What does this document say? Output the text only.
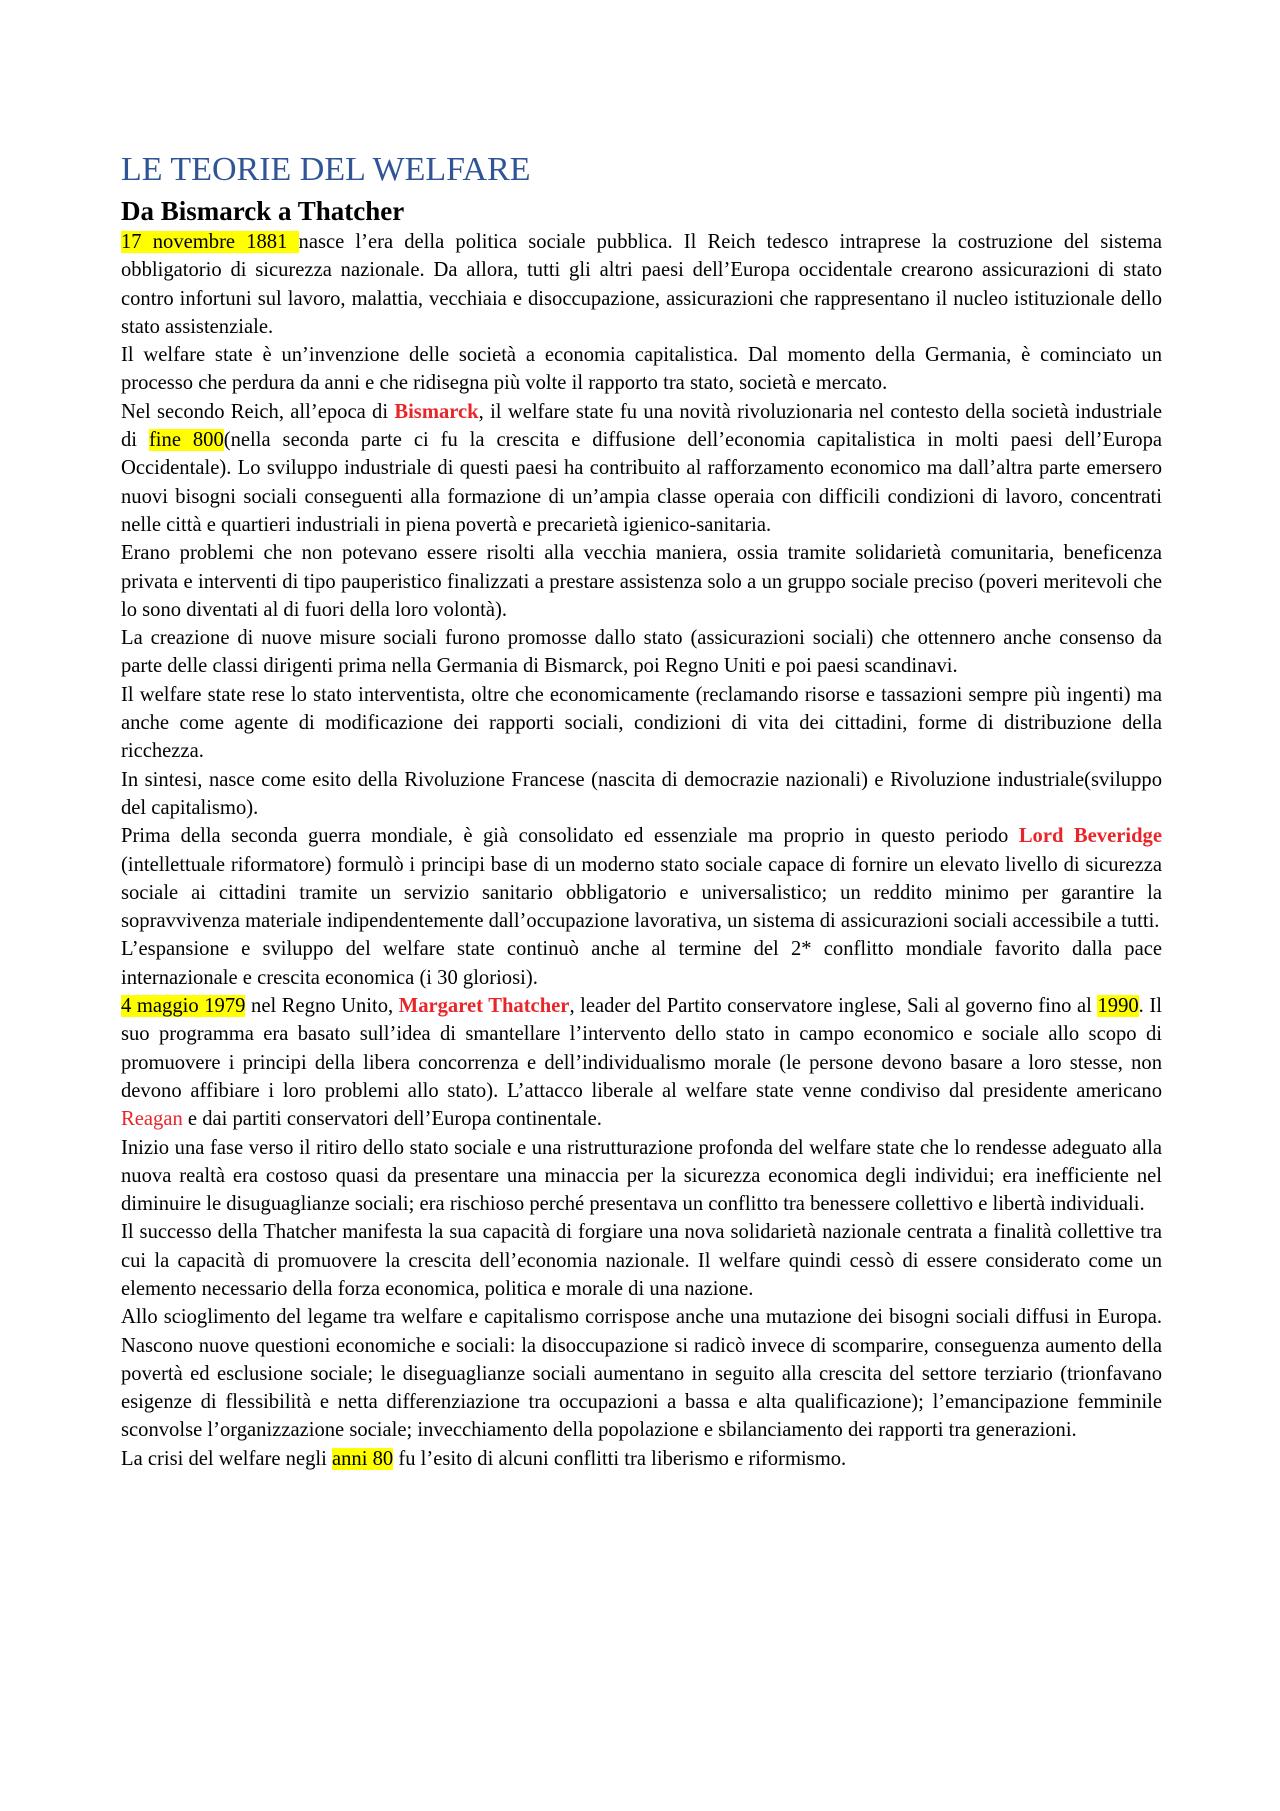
LE TEORIE DEL WELFARE
Da Bismarck a Thatcher

17 novembre 1881 nasce l’era della politica sociale pubblica. Il Reich tedesco intraprese la costruzione del sistema obbligatorio di sicurezza nazionale. Da allora, tutti gli altri paesi dell’Europa occidentale crearono assicurazioni di stato contro infortuni sul lavoro, malattia, vecchiaia e disoccupazione, assicurazioni che rappresentano il nucleo istituzionale dello stato assistenziale.

Il welfare state è un’invenzione delle società a economia capitalistica. Dal momento della Germania, è cominciato un processo che perdura da anni e che ridisegna più volte il rapporto tra stato, società e mercato.

Nel secondo Reich, all’epoca di Bismarck, il welfare state fu una novità rivoluzionaria nel contesto della società industriale di fine 800(nella seconda parte ci fu la crescita e diffusione dell’economia capitalistica in molti paesi dell’Europa Occidentale). Lo sviluppo industriale di questi paesi ha contribuito al rafforzamento economico ma dall’altra parte emersero nuovi bisogni sociali conseguenti alla formazione di un’ampia classe operaia con difficili condizioni di lavoro, concentrati nelle città e quartieri industriali in piena povertà e precarietà igienico-sanitaria.

Erano problemi che non potevano essere risolti alla vecchia maniera, ossia tramite solidarietà comunitaria, beneficenza privata e interventi di tipo pauperistico finalizzati a prestare assistenza solo a un gruppo sociale preciso (poveri meritevoli che lo sono diventati al di fuori della loro volontà).

La creazione di nuove misure sociali furono promosse dallo stato (assicurazioni sociali) che ottennero anche consenso da parte delle classi dirigenti prima nella Germania di Bismarck, poi Regno Uniti e poi paesi scandinavi.

Il welfare state rese lo stato interventista, oltre che economicamente (reclamando risorse e tassazioni sempre più ingenti) ma anche come agente di modificazione dei rapporti sociali, condizioni di vita dei cittadini, forme di distribuzione della ricchezza.

In sintesi, nasce come esito della Rivoluzione Francese (nascita di democrazie nazionali) e Rivoluzione industriale(sviluppo del capitalismo).

Prima della seconda guerra mondiale, è già consolidato ed essenziale ma proprio in questo periodo Lord Beveridge (intellettuale riformatore) formulò i principi base di un moderno stato sociale capace di fornire un elevato livello di sicurezza sociale ai cittadini tramite un servizio sanitario obbligatorio e universalistico; un reddito minimo per garantire la sopravvivenza materiale indipendentemente dall’occupazione lavorativa, un sistema di assicurazioni sociali accessibile a tutti.

L’espansione e sviluppo del welfare state continuò anche al termine del 2* conflitto mondiale favorito dalla pace internazionale e crescita economica (i 30 gloriosi).

4 maggio 1979 nel Regno Unito, Margaret Thatcher, leader del Partito conservatore inglese, Sali al governo fino al 1990. Il suo programma era basato sull’idea di smantellare l’intervento dello stato in campo economico e sociale allo scopo di promuovere i principi della libera concorrenza e dell’individualismo morale (le persone devono basare a loro stesse, non devono affibiare i loro problemi allo stato). L’attacco liberale al welfare state venne condiviso dal presidente americano Reagan e dai partiti conservatori dell’Europa continentale.

Inizio una fase verso il ritiro dello stato sociale e una ristrutturazione profonda del welfare state che lo rendesse adeguato alla nuova realtà era costoso quasi da presentare una minaccia per la sicurezza economica degli individui; era inefficiente nel diminuire le disuguaglianze sociali; era rischioso perché presentava un conflitto tra benessere collettivo e libertà individuali.

Il successo della Thatcher manifesta la sua capacità di forgiare una nova solidarietà nazionale centrata a finalità collettive tra cui la capacità di promuovere la crescita dell’economia nazionale. Il welfare quindi cessò di essere considerato come un elemento necessario della forza economica, politica e morale di una nazione.

Allo scioglimento del legame tra welfare e capitalismo corrispose anche una mutazione dei bisogni sociali diffusi in Europa. Nascono nuove questioni economiche e sociali: la disoccupazione si radicò invece di scomparire, conseguenza aumento della povertà ed esclusione sociale; le diseguaglianze sociali aumentano in seguito alla crescita del settore terziario (trionfavano esigenze di flessibilità e netta differenziazione tra occupazioni a bassa e alta qualificazione); l’emancipazione femminile sconvolse l’organizzazione sociale; invecchiamento della popolazione e sbilanciamento dei rapporti tra generazioni.

La crisi del welfare negli anni 80 fu l’esito di alcuni conflitti tra liberismo e riformismo.
